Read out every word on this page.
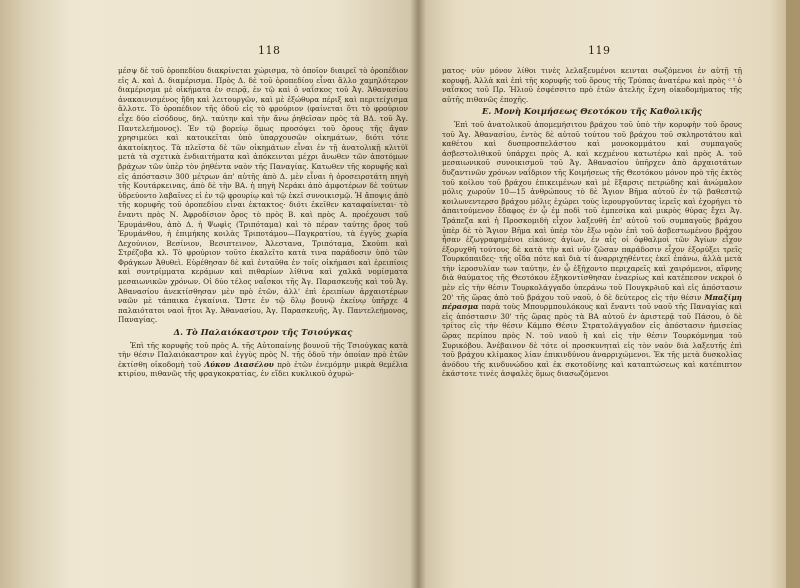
118

μέσψ δὲ τοῦ ὀροπεδίου διακρίνεται χώρισμα, τὸ ὁποῖον διαιρεῖ τὸ ὀροπέδιον εἰς Α. καὶ Δ. διαμέρισμα. Πρὸς Δ. δὲ τοῦ ὀροπεδίου εἶναι ἄλλο χαμηλότερον διαμέρισμα μὲ οἰκήματα ἐν σειρᾷ, ἐν τῷ καὶ ὁ ναΐσκος τοῦ Ἀγ. Ἀθανασίου ἀνακαινισμένος ἤδη καὶ λειτουργῶν, καὶ μὲ ἐξώθυρα πέριξ καὶ περιτείχισμα ἄλλοτε. Τὸ ὀροπέδιον τῆς ὁδοῦ εἰς τὸ φρούριον (φαίνεται ὅτι τὸ φρούριον εἶχε δύο εἰσόδους, δηλ. ταύτην καὶ τὴν ἄνω ῥηθεῖσαν πρὸς τὰ ΒΔ. τοῦ Ἀγ. Παντελεήμονος). Ἐν τῷ βορείῳ ὅμως προσόψει τοῦ ὄρους τῆς ἄγαν χρησιμεύει καὶ κατοικεῖται ὑπὸ ὑπαρχουσῶν οἰκημάτων, διότι τότε ἀκατοίκητος. Τὰ πλεῖστα δὲ τῶν οἰκημάτων εἶναι ἐν τῇ ἀνατολικῇ κλιτύϊ μετὰ τὰ σχετικὰ ἐνδιαιτήματα καὶ ἀπόκεινται μέχρι ἄνωθεν τῶν ἀποτόμων βράχων τῶν ὑπὲρ τὸν ῥηθέντα ναὸν τῆς Παναγίας. Κατωθεν τῆς κορυφῆς καὶ εἰς ἀπόστασιν 300 μέτρων ἀπ' αὐτῆς ἀπὸ Δ. μὲν εἶναι ἡ ὀροσειροτάτη πηγὴ τῆς Κουτάρκεινας, ἀπὸ δὲ τὴν ΒΑ. ἡ πηγὴ Νεράκι ἀπὸ ἀμφοτέρων δὲ τούτων ὑδρεύοντο λαβαῖνες εἰ ἐν τῷ φρουρίῳ καὶ τῷ ἐκεῖ συνοικισμῷ. Ἡ ἄποψις ἀπὸ τῆς κορυφῆς τοῦ ὀροπεδίου εἶναι ἐκτακτος· διότι ἐκεῖθεν καταφαίνεται· τὸ ἔναντι πρὸς Ν. Ἀφροδίσιον ὄρος τὸ πρὸς Β. καὶ πρὸς Α. προέχουσι τοῦ Ἐρυμάνθου, ἀπὸ Δ. ἡ Ψωφὶς (Τριπόταμα) καὶ τὸ πέραν ταύτης ὄρος τοῦ Ἐρυμάνθου, ἡ ἐπιμήκης κοιλὰς Τριποτάμου—Παγκρατίου, τὰ ἐγγὺς χωρία Δεχούνιον, Βεσίνιον, Βεσιπτεινον, Ἀλεστανα, Τριπόταμα, Σκούπι καὶ Στρέζοβα κλ. Τὸ φρούριον τοῦτο ἐκαλεῖτο κατὰ τινα παράδοσιν ὑπὸ τῶν Φράγκων Ἀθυθεὶ. Εὑρέθησαν δὲ καὶ ἐνταῦθα ἐν τοῖς οἰκήμασι καὶ ἐρειπίοις καὶ συντρίμματα κεράμων καὶ πιθαρίων λίθινα καὶ χαλκᾶ νομίσματα μεσαιωνικῶν χρόνων. Οἱ δύο τέλος ναΐσκοι τῆς Ἀγ. Παρασκευῆς καὶ τοῦ Ἀγ. Ἀθανασίου ἀνεκτίσθησαν μὲν πρὸ ἐτῶν, ἀλλ' ἐπὶ ἐρειπίων ἀρχαιοτέρων ναῶν μὲ τάπαικα ἐγκαίνια. Ὥστε ἐν τῷ ὅλῳ βουνῷ ἐκείνῳ ὑπῆρχε 4 παλαιότατοι ναοὶ ἤτοι Ἀγ. Ἀθανασίου, Ἀγ. Παρασκευῆς, Ἀγ. Παντελεήμονος, Παναγίας.

Δ. Τὸ Παλαιόκαστρον τῆς Τσιούγκας

Ἐπὶ τῆς κορυφῆς τοῦ πρὸς Α. τῆς Αὐτοπαίνης βουνοῦ τῆς Τσιούγκας κατὰ τὴν θέσιν Παλαιόκαστρον καὶ ἐγγὺς πρὸς Ν. τῆς ὁδοῦ τὴν ὁποίαν πρὸ ἐτῶν ἐκτίσθη οἰκοδομὴ τοῦ Λύκου Διασέλου πρὸ ἐτῶν ἐνεμόμην μικρὰ θεμέλια κτιρίου, πιθανῶς τῆς φραγκοκρατίας, ἐν εἴδει κυκλικοῦ ὀχυρώ-

119

ματος· νῦν μόνον λίθοι τινὲς λελαξευμένοι κεινται σωζόμενοι ἐν αὐτῇ τῇ κορυφῇ. Ἀλλὰ καὶ ἐπὶ τῆς κορυφῆς τοῦ ὄρους τῆς Τρύπας ἀνατέρω καὶ πρὸς ᶜ ᵗ ὁ ναΐσκος τοῦ Πρ. Ἠλιοῦ ἐσφέσσιτο πρὸ ἐτῶν ἀτελὴς ἔχνη οἰκοδομήματος τῆς αὐτῆς πιθανῶς ἐποχῆς.

Ε. Μονὴ Κοιμήσεως Θεοτόκου τῆς Καθολικῆς

Ἐπὶ τοῦ ἀνατολικοῦ ἀπομεμήσιτου βράχου τοῦ ὑπὸ τὴν κορυφὴν τοῦ ὄρους τοῦ Ἁγ. Ἀθανασίου, ἐντὸς δὲ αὐτοῦ τούτου τοῦ βράχου τοῦ σκληροτάτου καὶ καθέτου καὶ δυσπροσπελάστου καὶ μονοκομμάτου καὶ συμπαγοῦς ἀσβεστολιθικοῦ ὑπάρχει πρὸς Α. καὶ κεχμένου κατωτέρω καὶ πρὸς Α. τοῦ μεσαιωνικοῦ συνοικισμοῦ τοῦ Ἀγ. Ἀθανασίου ὑπῆρχεν ἀπὸ ἀρχαιοτάτων δυζαντινῶν χρόνων ναΐδριον τῆς Κοιμήσεως τῆς Θεοτόκου μόνον πρὸ τῆς ἐκτὸς τοῦ κοίλου τοῦ βράχου ἐπικειμένων καὶ μὲ ἔξαρσις πετρώδης καὶ ἀνώμαλον μόλις χωροῦν 10—15 ἀνθρώπους τὸ δὲ Ἅγιον Βῆμα αὐτοῦ ἐν τῷ βαθεσιτῷ κοιλωνεντερσο βράχου μόλις ἐχώρει τοὺς ἱερουργοῦντας ἱερεῖς καὶ ἐχορήγει τὸ ἀπαιτούμενον ἔδαφος ἐν ᾧ ἐμ ποδὶ τοῦ ἐμπεσίκα καὶ μικρὸς θύρας ἔχει Ἁγ. Τράπεζα καὶ ἡ Προσκομιδὴ εἶχον λαξευθῆ ἐπ' αὐτοῦ τοῦ συμπαγοῦς βράχου ὑπὲρ δὲ τὸ Ἅγιον Βῆμα καὶ ὑπὲρ τὸν ἔξω ναὸν ἐπὶ τοῦ ἀσβεστωμένου βράχου ἦσαν ἐζωγραφημένοι εἰκόνες ἁγίων, ἐν αἷς οἱ ὀφθαλμοὶ τῶν Ἁγίων εἶχον ἐξορυχθῆ τούτους δὲ κατὰ τὴν καὶ νῦν ζῶσαν παράδοσιν εἶχον ἐξορύξει τρεῖς Τουρκόπαιδες· τῆς οἴδα πότε καὶ διὰ τί ἀναρριχηθέντες ἐκεῖ ἐπάνω, ἀλλὰ μετὰ τὴν ἱεροσυλίαν των ταύτην, ἐν ᾧ ἐξήχοντο περιχαρεῖς καὶ χαιρόμενοι, αἴφνης διὰ θαύματος τῆς Θεοτόκου ἐξηκοντίσθησαν ἐναερίως καὶ κατέπεσον νεκροὶ ὁ μὲν εἰς τὴν θέσιν Τουρκολάγγαδο ὑπεράνω τοῦ Πουγκρ∂ιοῦ καὶ εἰς ἀπόστασιν 20' τῆς ὥρας ἀπὸ τοῦ βράχου τοῦ ναοῦ, ὁ δὲ δεύτερος εἰς τὴν θέσιν Μπαξίμη πέρασμα παρὰ τοὺς Μπουρμπουλόκους καὶ ἔναντι τοῦ ναοῦ τῆς Παναγίας καὶ εἰς ἀπόστασιν 30' τῆς ὥρας πρὸς τὰ ΒΑ αὐτοῦ ἐν ἀριστερᾷ τοῦ Πάσου, ὁ δὲ τρίτος εἰς τὴν θέσιν Κάμπο Θέσιν Στρατολάγγαδον εἰς ἀπόστασιν ἡμισείας ὥρας περίπου πρὸς Ν. τοῦ ναοῦ ἢ καὶ εἰς τὴν θέσιν Τουρκόμνημα τοῦ Συρικόβου. Ἀνέβαινον δὲ τότε οἱ προσκυνηταὶ εἰς τὸν ναὸν διὰ λαξευτῆς ἐπὶ τοῦ βράχου κλίμακος λίαν ἐπικινδύνου ἀναρριχώμενοι. Ἐκ τῆς μετὰ δυσκολίας ἀνόδου τῆς κινδυνώδου καὶ ἐκ σκοτοδίνης καὶ καταπτώσεως καὶ κατέπιπτον ἐκάστοτε τινὲς ἀσφαλὲς ὅμως διασωζόμενοι
